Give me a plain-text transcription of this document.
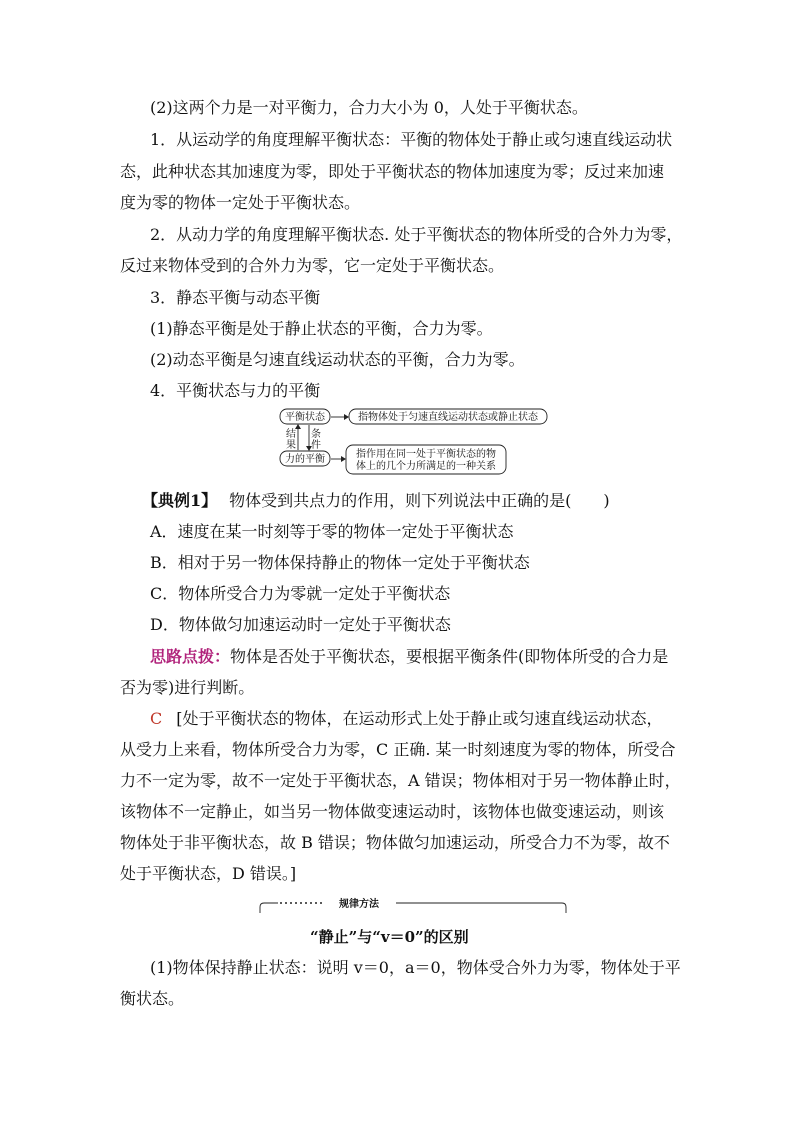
(2)这两个力是一对平衡力，合力大小为 0，人处于平衡状态。
1．从运动学的角度理解平衡状态：平衡的物体处于静止或匀速直线运动状
态，此种状态其加速度为零，即处于平衡状态的物体加速度为零；反过来加速
度为零的物体一定处于平衡状态。
2．从动力学的角度理解平衡状态. 处于平衡状态的物体所受的合外力为零，
反过来物体受到的合外力为零，它一定处于平衡状态。
3．静态平衡与动态平衡
(1)静态平衡是处于静止状态的平衡，合力为零。
(2)动态平衡是匀速直线运动状态的平衡，合力为零。
4．平衡状态与力的平衡
平衡状态	指物体处于匀速直线运动状态或静止状态
结
果
条
件
力的平衡	指作用在同一处于平衡状态的物
体上的几个力所满足的一种关系
【典例1】 物体受到共点力的作用，则下列说法中正确的是(　　)
A．速度在某一时刻等于零的物体一定处于平衡状态
B．相对于另一物体保持静止的物体一定处于平衡状态
C．物体所受合力为零就一定处于平衡状态
D．物体做匀加速运动时一定处于平衡状态
思路点拨：物体是否处于平衡状态，要根据平衡条件(即物体所受的合力是
否为零)进行判断。
C [处于平衡状态的物体，在运动形式上处于静止或匀速直线运动状态，
从受力上来看，物体所受合力为零，C 正确. 某一时刻速度为零的物体，所受合
力不一定为零，故不一定处于平衡状态，A 错误；物体相对于另一物体静止时，
该物体不一定静止，如当另一物体做变速运动时，该物体也做变速运动，则该
物体处于非平衡状态，故 B 错误；物体做匀加速运动，所受合力不为零，故不
处于平衡状态，D 错误。]
规律方法
“静止”与“v＝0”的区别
(1)物体保持静止状态：说明 v＝0，a＝0，物体受合外力为零，物体处于平
衡状态。
